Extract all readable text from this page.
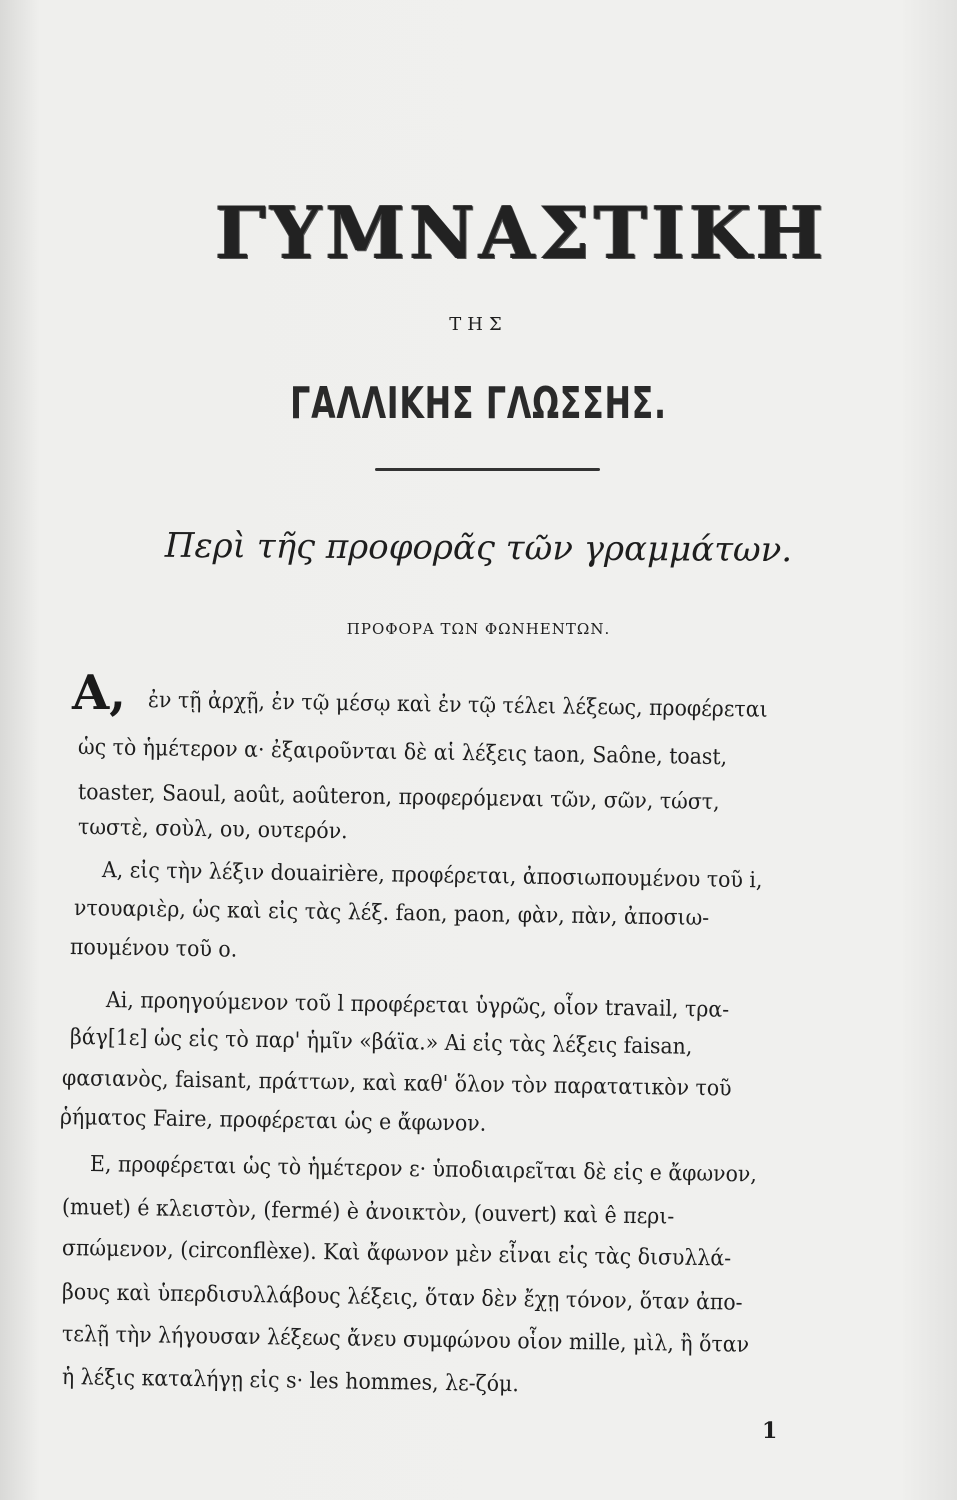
ΓΥΜΝΑΣΤΙΚΗ
ΤΗΣ
ΓΑΛΛΙΚΗΣ ΓΛΩΣΣΗΣ.
Περὶ τῆς προφορᾶς τῶν γραμμάτων.
ΠΡΟΦΟΡΑ ΤΩΝ ΦΩΝΗΕΝΤΩΝ.
A, ἐν τῇ ἀρχῇ, ἐν τῷ μέσῳ καὶ ἐν τῷ τέλει λέξεως, προφέρεται
ὡς τὸ ἡμέτερον α· ἐξαιροῦνται δὲ αἱ λέξεις taon, Saône, toast,
toaster, Saoul, août, aoûteron, προφερόμεναι τῶν, σῶν, τώστ,
τωστὲ, σοὺλ, ου, ουτερόν.
A, εἰς τὴν λέξιν douairière, προφέρεται, ἀποσιωπουμένου τοῦ i,
ντουαριὲρ, ὡς καὶ εἰς τὰς λέξ. faon, paon, φὰν, πὰν, ἀποσιω-
πουμένου τοῦ ο.
Ai, προηγούμενον τοῦ l προφέρεται ὑγρῶς, οἷον travail, τρα-
βάγ[1ε] ὡς εἰς τὸ παρ' ἡμῖν «βάϊα.» Ai εἰς τὰς λέξεις faisan,
φασιανὸς, faisant, πράττων, καὶ καθ' ὅλον τὸν παρατατικὸν τοῦ
ῥήματος Faire, προφέρεται ὡς e ἄφωνον.
E, προφέρεται ὡς τὸ ἡμέτερον ε· ὑποδιαιρεῖται δὲ εἰς e ἄφωνον,
(muet) é κλειστὸν, (fermé) è ἀνοικτὸν, (ouvert) καὶ ê περι-
σπώμενον, (circonflèxe). Καὶ ἄφωνον μὲν εἶναι εἰς τὰς δισυλλά-
βους καὶ ὑπερδισυλλάβους λέξεις, ὅταν δὲν ἔχῃ τόνον, ὅταν ἀπο-
τελῇ τὴν λήγουσαν λέξεως ἄνευ συμφώνου οἷον mille, μὶλ, ἢ ὅταν
ἡ λέξις καταλήγῃ εἰς s· les hommes, λε-ζόμ.
1
